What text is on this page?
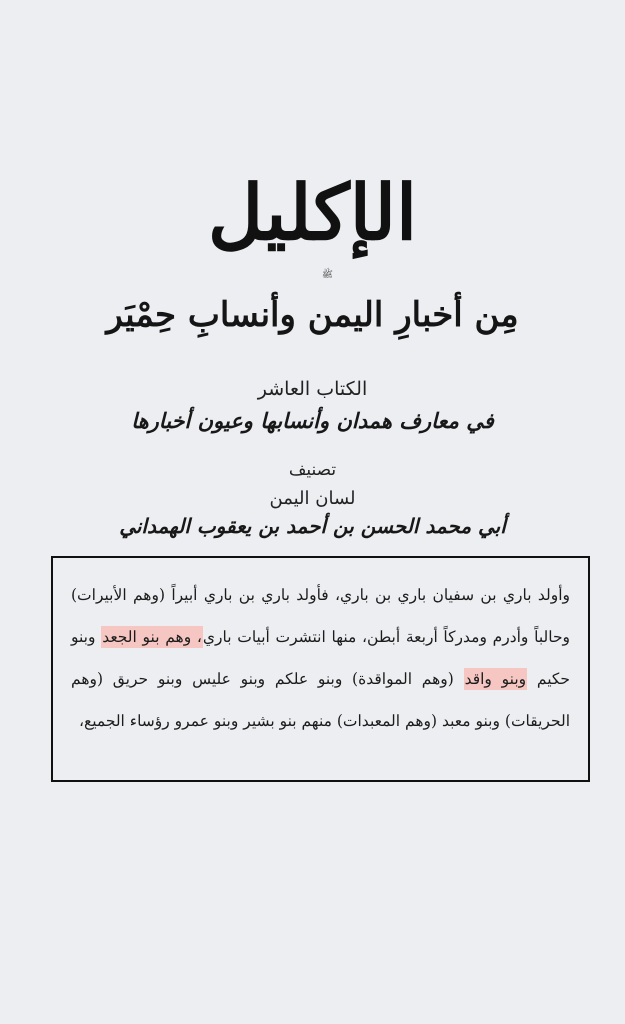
الإكليل
ﷺ
مِن أخبارِ اليمن وأنسابِ حِمْيَر
الكتاب العاشر
في معارف همدان وأنسابها وعيون أخبارها
تصنيف
لسان اليمن
أبي محمد الحسن بن أحمد بن يعقوب الهمداني
وأولد باري بن سفيان باري بن باري، فأولد باري بن باري أبيراً (وهم الأبيرات) وحالباً وأدرم ومدركاً أربعة أبطن، منها انتشرت أبيات باري، وهم بنو الجعد وبنو حكيم وبنو واقد (وهم المواقدة) وبنو علكم وبنو عليس وبنو حريق (وهم الحريقات) وبنو معبد (وهم المعبدات) منهم بنو بشير وبنو عمرو رؤساء الجميع،
